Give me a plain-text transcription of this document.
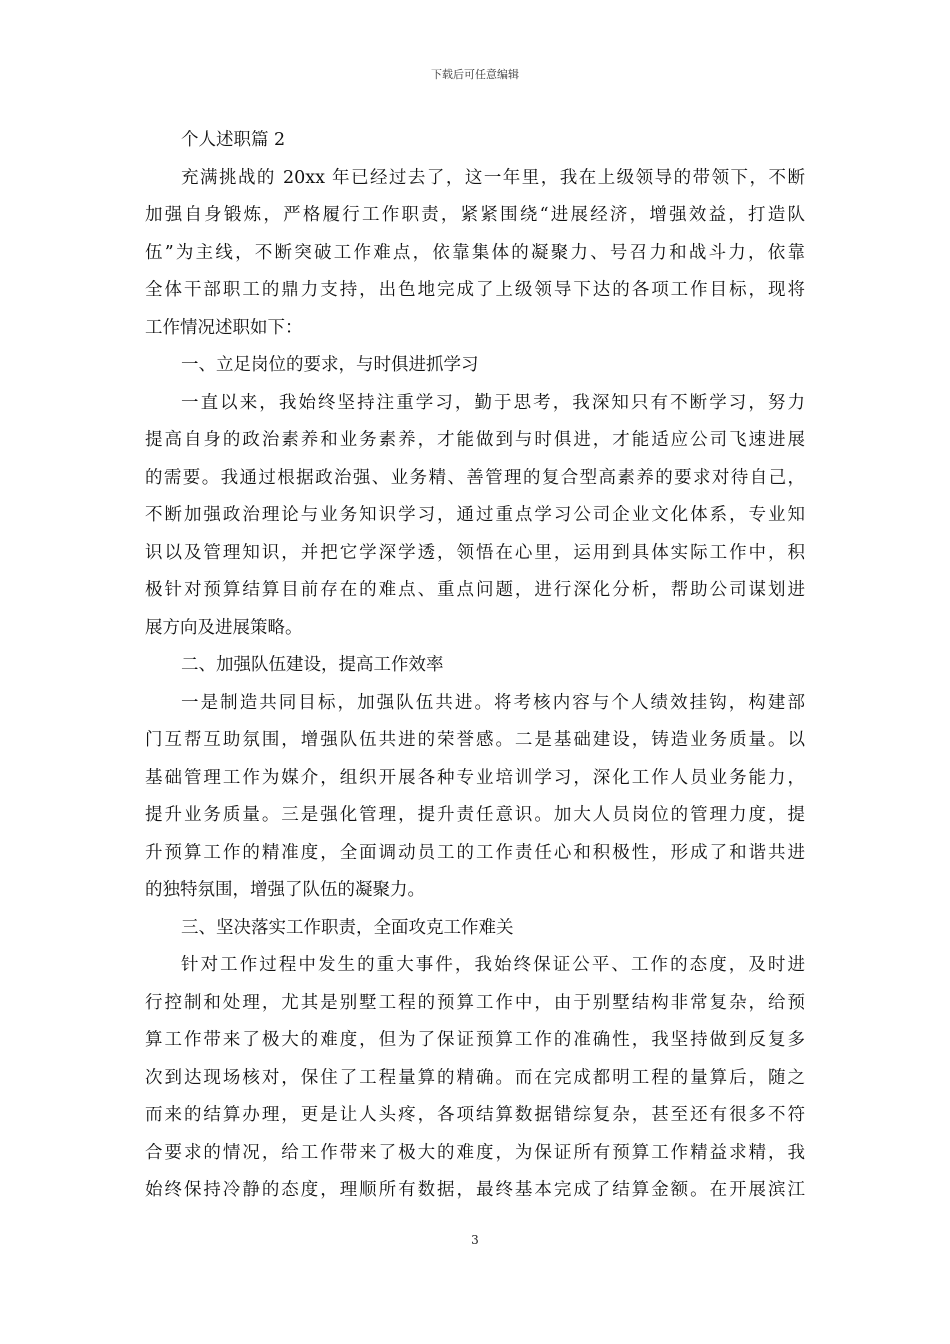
下载后可任意编辑
个人述职篇 2
充满挑战的 20xx 年已经过去了，这一年里，我在上级领导的带领下，不断
加强自身锻炼，严格履行工作职责，紧紧围绕“进展经济，增强效益，打造队
伍”为主线，不断突破工作难点，依靠集体的凝聚力、号召力和战斗力，依靠
全体干部职工的鼎力支持，出色地完成了上级领导下达的各项工作目标，现将
工作情况述职如下：
一、立足岗位的要求，与时俱进抓学习
一直以来，我始终坚持注重学习，勤于思考，我深知只有不断学习，努力
提高自身的政治素养和业务素养，才能做到与时俱进，才能适应公司飞速进展
的需要。我通过根据政治强、业务精、善管理的复合型高素养的要求对待自己，
不断加强政治理论与业务知识学习，通过重点学习公司企业文化体系，专业知
识以及管理知识，并把它学深学透，领悟在心里，运用到具体实际工作中，积
极针对预算结算目前存在的难点、重点问题，进行深化分析，帮助公司谋划进
展方向及进展策略。
二、加强队伍建设，提高工作效率
一是制造共同目标，加强队伍共进。将考核内容与个人绩效挂钩，构建部
门互帮互助氛围，增强队伍共进的荣誉感。二是基础建设，铸造业务质量。以
基础管理工作为媒介，组织开展各种专业培训学习，深化工作人员业务能力，
提升业务质量。三是强化管理，提升责任意识。加大人员岗位的管理力度，提
升预算工作的精准度，全面调动员工的工作责任心和积极性，形成了和谐共进
的独特氛围，增强了队伍的凝聚力。
三、坚决落实工作职责，全面攻克工作难关
针对工作过程中发生的重大事件，我始终保证公平、工作的态度，及时进
行控制和处理，尤其是别墅工程的预算工作中，由于别墅结构非常复杂，给预
算工作带来了极大的难度，但为了保证预算工作的准确性，我坚持做到反复多
次到达现场核对，保住了工程量算的精确。而在完成都明工程的量算后，随之
而来的结算办理，更是让人头疼，各项结算数据错综复杂，甚至还有很多不符
合要求的情况，给工作带来了极大的难度，为保证所有预算工作精益求精，我
始终保持冷静的态度，理顺所有数据，最终基本完成了结算金额。在开展滨江
3
